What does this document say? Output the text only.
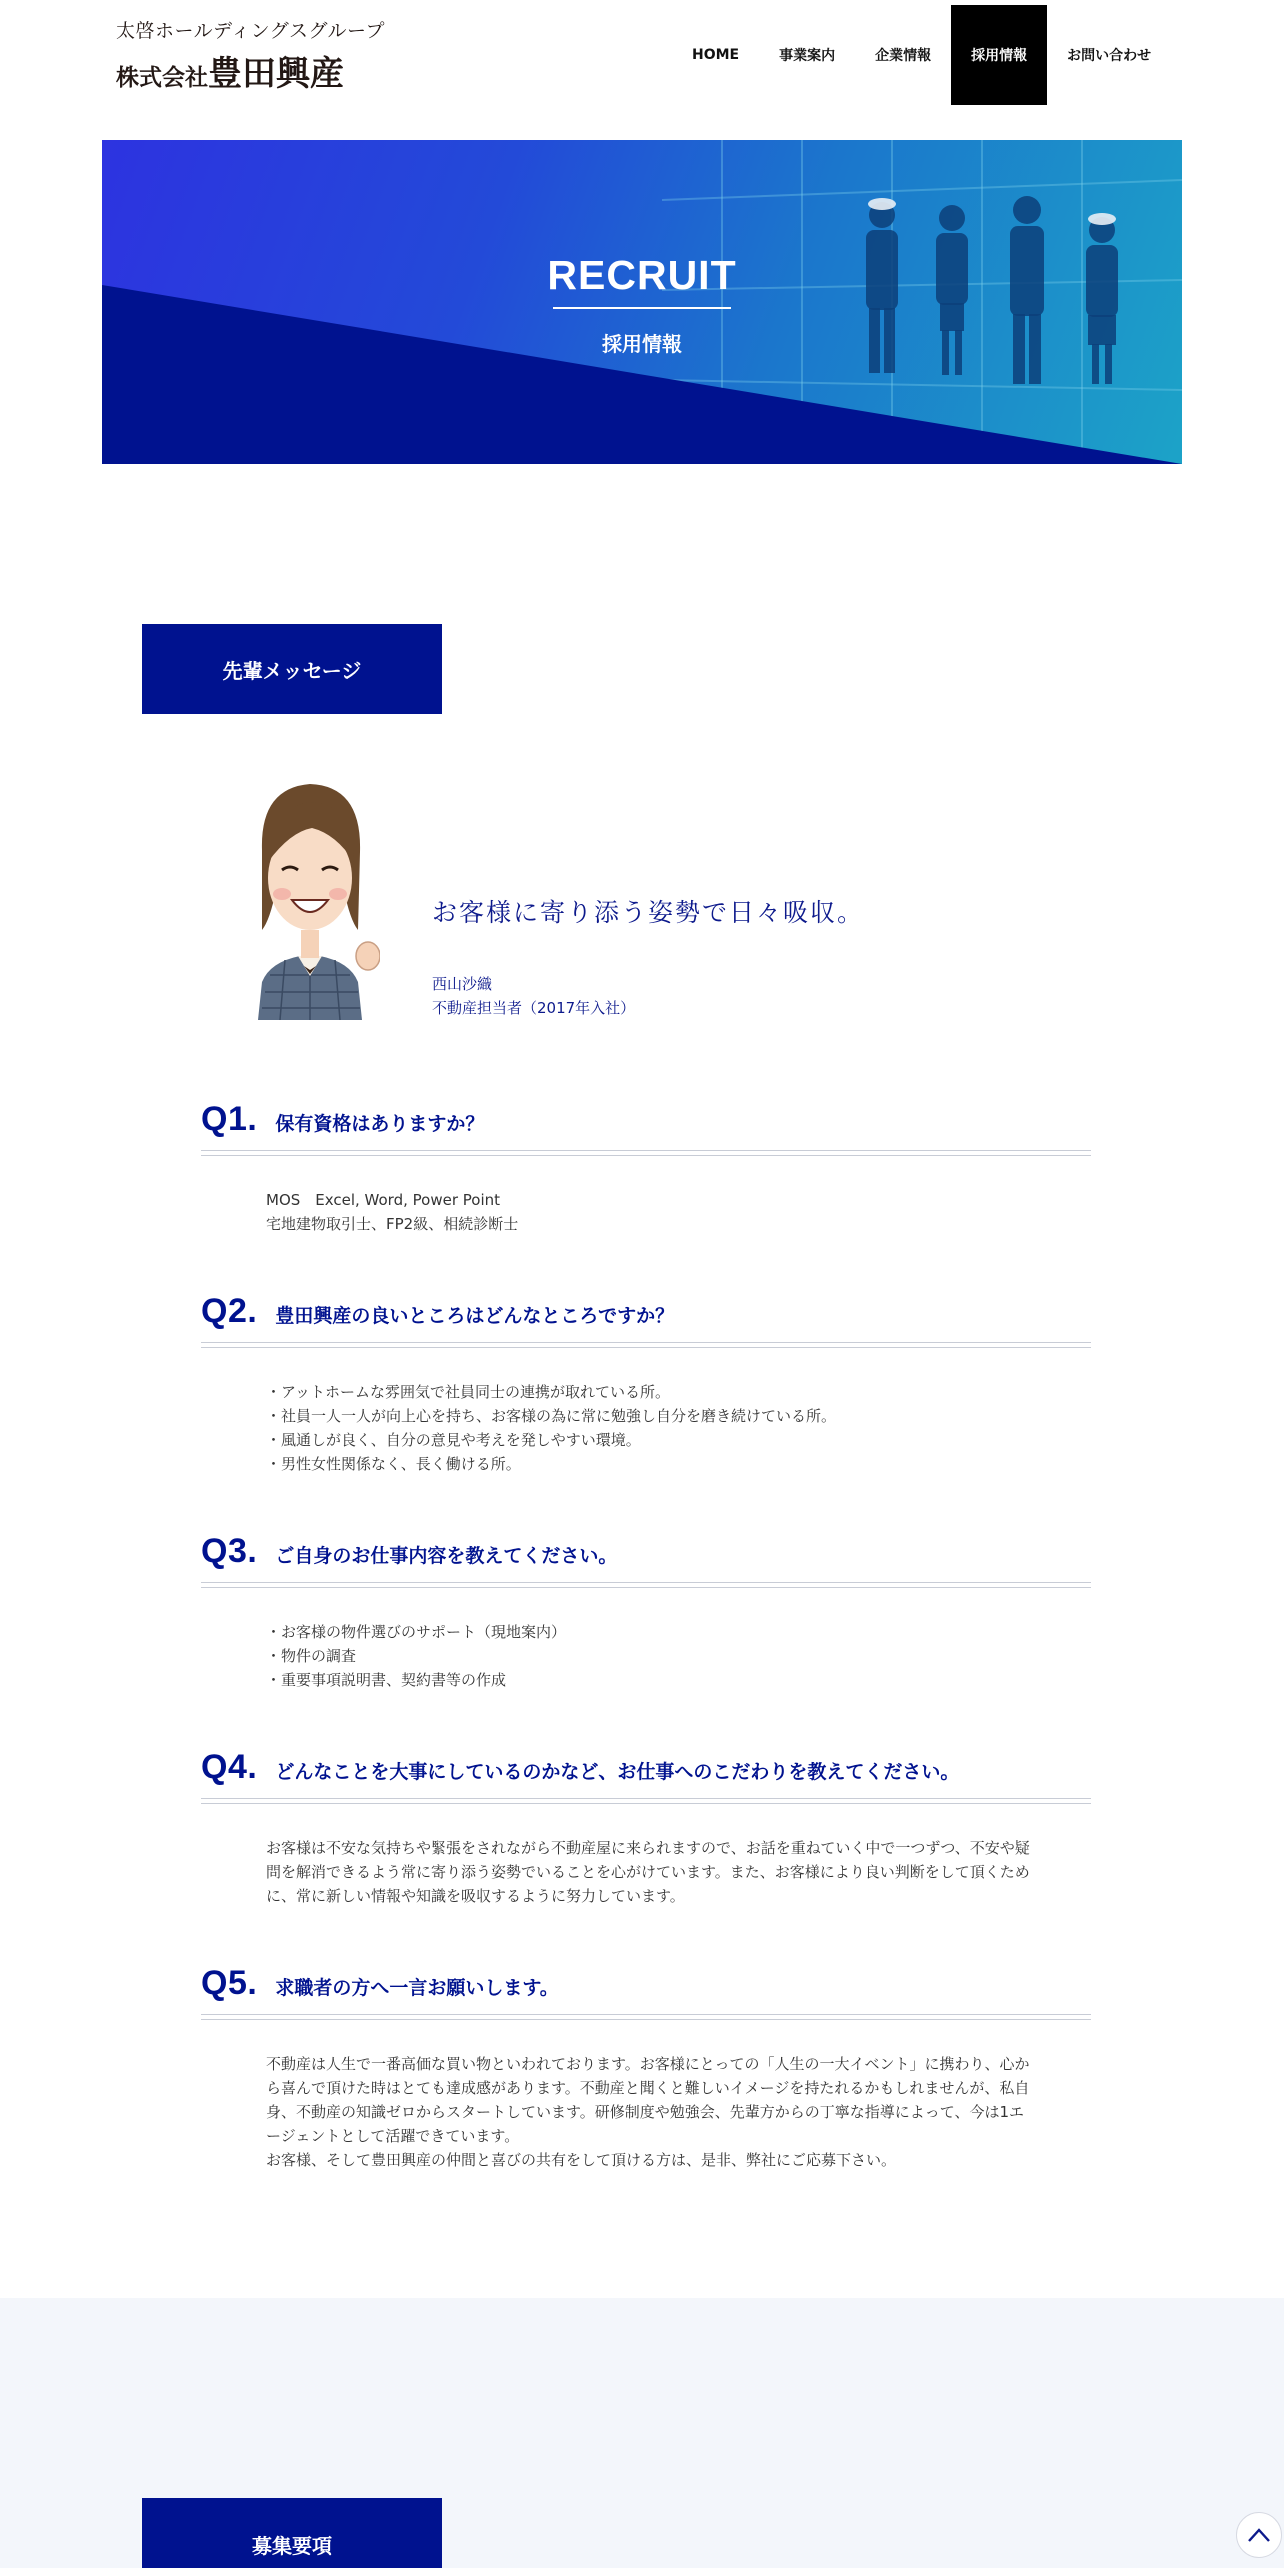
太啓ホールディングスグループ
株式会社豊田興産	HOME	事業案内	企業情報	採用情報	お問い合わせ
RECRUIT
採用情報
先輩メッセージ
お客様に寄り添う姿勢で日々吸収。
西山沙織
不動産担当者（2017年入社）
Q1. 保有資格はありますか？

MOS　Excel, Word, Power Point

宅地建物取引士、FP2級、相続診断士

Q2. 豊田興産の良いところはどんなところですか？

・アットホームな雰囲気で社員同士の連携が取れている所。

・社員一人一人が向上心を持ち、お客様の為に常に勉強し自分を磨き続けている所。

・風通しが良く、自分の意見や考えを発しやすい環境。

・男性女性関係なく、長く働ける所。

Q3. ご自身のお仕事内容を教えてください。

・お客様の物件選びのサポート（現地案内）

・物件の調査

・重要事項説明書、契約書等の作成

Q4. どんなことを大事にしているのかなど、お仕事へのこだわりを教えてください。

お客様は不安な気持ちや緊張をされながら不動産屋に来られますので、お話を重ねていく中で一つずつ、不安や疑

問を解消できるよう常に寄り添う姿勢でいることを心がけています。また、お客様により良い判断をして頂くため

に、常に新しい情報や知識を吸収するように努力しています。

Q5. 求職者の方へ一言お願いします。

不動産は人生で一番高価な買い物といわれております。お客様にとっての「人生の一大イベント」に携わり、心か

ら喜んで頂けた時はとても達成感があります。不動産と聞くと難しいイメージを持たれるかもしれませんが、私自

身、不動産の知識ゼロからスタートしています。研修制度や勉強会、先輩方からの丁寧な指導によって、今は1エ

ージェントとして活躍できています。

お客様、そして豊田興産の仲間と喜びの共有をして頂ける方は、是非、弊社にご応募下さい。

募集要項
